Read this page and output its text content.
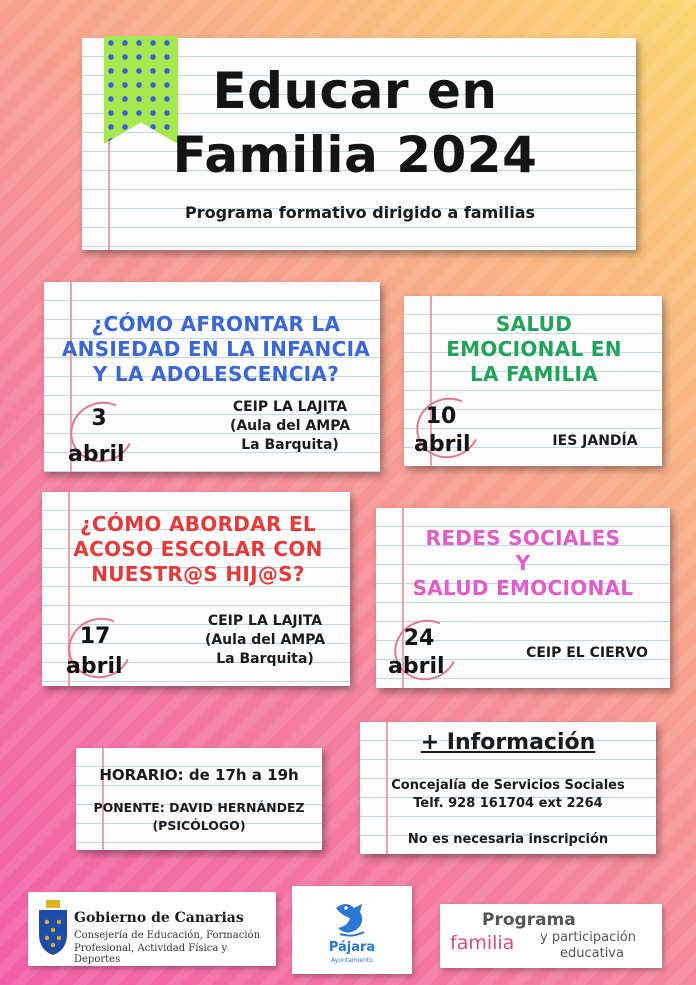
Educar en
Familia 2024
Programa formativo dirigido a familias
¿CÓMO AFRONTAR LA
ANSIEDAD EN LA INFANCIA
Y LA ADOLESCENCIA?
3
abril
CEIP LA LAJITA
(Aula del AMPA
La Barquita)
SALUD
EMOCIONAL EN
LA FAMILIA
10
abril	IES JANDÍA
¿CÓMO ABORDAR EL
ACOSO ESCOLAR CON
NUESTR@S HIJ@S?
17
abril
CEIP LA LAJITA
(Aula del AMPA
La Barquita)
REDES SOCIALES
Y
SALUD EMOCIONAL
24
abril
CEIP EL CIERVO
HORARIO: de 17h a 19h
PONENTE: DAVID HERNÁNDEZ
(PSICÓLOGO)
+ Información
Concejalía de Servicios Sociales
Telf. 928 161704 ext 2264
No es necesaria inscripción
Gobierno de Canarias
Consejería de Educación, Formación
Profesional, Actividad Física y Deportes
Pájara
Ayuntamiento
Programa
familia y participación
educativa
